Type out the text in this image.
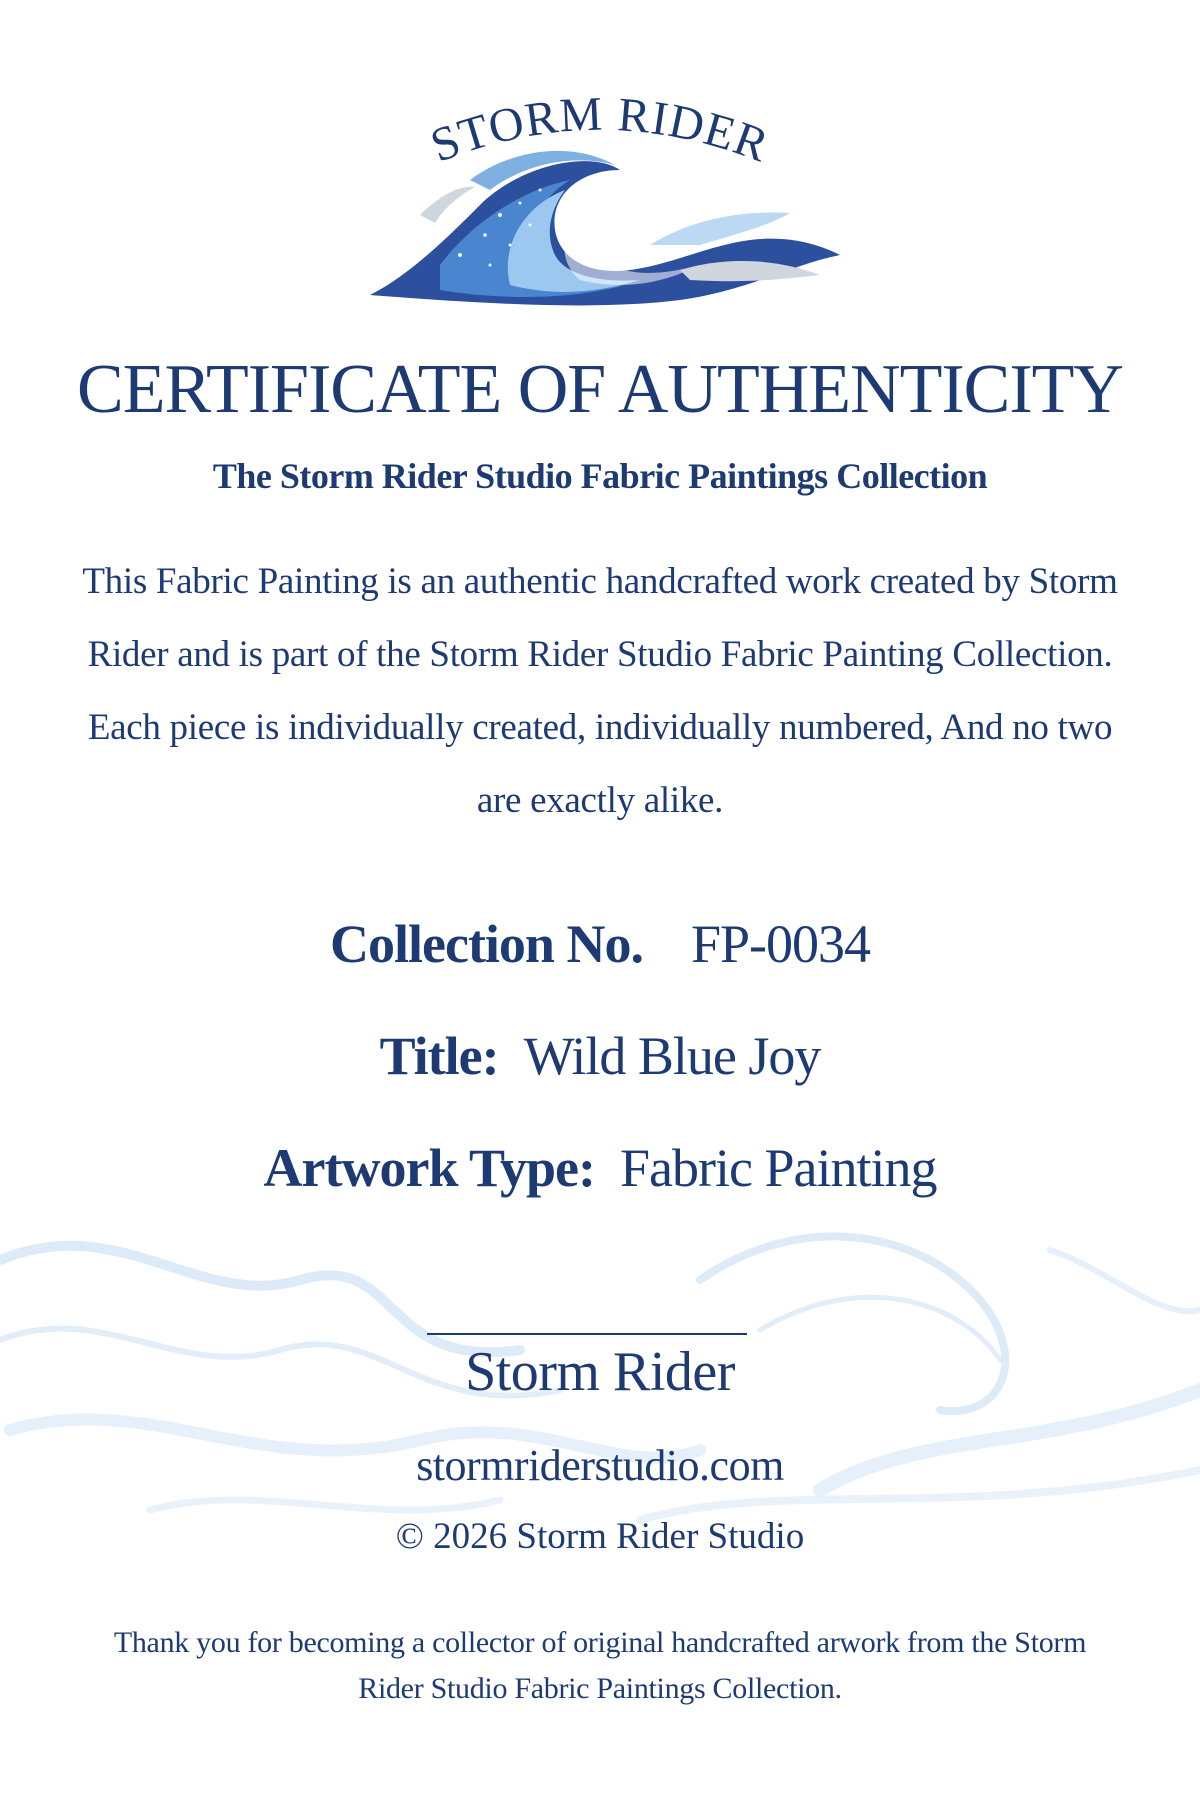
STORM RIDER
CERTIFICATE OF AUTHENTICITY
The Storm Rider Studio Fabric Paintings Collection
This Fabric Painting is an authentic handcrafted work created by Storm Rider and is part of the Storm Rider Studio Fabric Painting Collection. Each piece is individually created, individually numbered, And no two are exactly alike.
Collection No. FP-0034
Title: Wild Blue Joy
Artwork Type: Fabric Painting
Storm Rider
stormriderstudio.com
© 2026 Storm Rider Studio
Thank you for becoming a collector of original handcrafted arwork from the Storm Rider Studio Fabric Paintings Collection.
